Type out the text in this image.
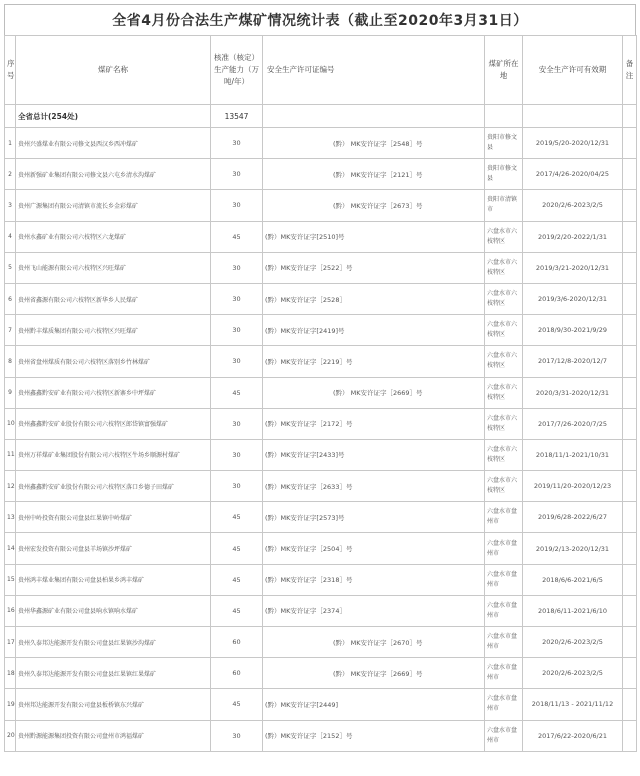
全省4月份合法生产煤矿情况统计表（截止至2020年3月31日）
序号	煤矿名称	核准（核定）生产能力（万吨/年）	安全生产许可证编号	煤矿所在地	安全生产许可有效期	备注
	全省总计(254处)	13547				
1	贵州兴盛煤业有限公司修文县西汉乡西冲煤矿	30	(黔） MK安许证字［2548］号	贵阳市修文县	2019/5/20-2020/12/31	
2	贵州新强矿业集团有限公司修文县六屯乡清水沟煤矿	30	(黔） MK安许证字［2121］号	贵阳市修文县	2017/4/26-2020/04/25	
3	贵州广源集团有限公司清镇市流长乡金彩煤矿	30	(黔） MK安许证字［2673］号	贵阳市清镇市	2020/2/6-2023/2/5	
4	贵州水鑫矿业有限公司六枝特区六龙煤矿	45	(黔）MK安许证字[2510]号	六盘水市六枝特区	2019/2/20-2022/1/31	
5	贵州飞山能源有限公司六枝特区兴旺煤矿	30	(黔）MK安许证字［2522］号	六盘水市六枝特区	2019/3/21-2020/12/31	
6	贵州省鑫源有限公司六枝特区新华乡人民煤矿	30	(黔）MK安许证字［2528］	六盘水市六枝特区	2019/3/6-2020/12/31	
7	贵州黔丰煤质集团有限公司六枝特区兴旺煤矿	30	(黔）MK安许证字[2419]号	六盘水市六枝特区	2018/9/30-2021/9/29	
8	贵州省盘州煤质有限公司六枝特区落别乡竹林煤矿	30	(黔）MK安许证字［2219］号	六盘水市六枝特区	2017/12/8-2020/12/7	
9	贵州鑫鑫黔安矿业有限公司六枝特区新寨乡中坪煤矿	45	(黔） MK安许证字［2669］号	六盘水市六枝特区	2020/3/31-2020/12/31	
10	贵州鑫鑫黔安矿业股份有限公司六枝特区郎岱镇富强煤矿	30	(黔）MK安许证字［2172］号	六盘水市六枝特区	2017/7/26-2020/7/25	
11	贵州万祥煤矿业集团股份有限公司六枝特区牛场乡顺源村煤矿	30	(黔）MK安许证字[2433]号	六盘水市六枝特区	2018/11/1-2021/10/31	
12	贵州鑫鑫黔安矿业股份有限公司六枝特区落口乡德子田煤矿	30	(黔）MK安许证字［2633］号	六盘水市六枝特区	2019/11/20-2020/12/23	
13	贵州中岭投资有限公司盘县红果镇中岭煤矿	45	(黔）MK安许证字[2573]号	六盘水市盘州市	2019/6/28-2022/6/27	
14	贵州宏发投资有限公司盘县羊场镇沙坪煤矿	45	(黔）MK安许证字［2504］号	六盘水市盘州市	2019/2/13-2020/12/31	
15	贵州鸿丰煤业集团有限公司盘县柏果乡鸿丰煤矿	45	(黔）MK安许证字［2318］号	六盘水市盘州市	2018/6/6-2021/6/5	
16	贵州华鑫源矿业有限公司盘县响水镇响水煤矿	45	(黔）MK安许证字［2374］	六盘水市盘州市	2018/6/11-2021/6/10	
17	贵州久泰邦达能源开发有限公司盘县红果镇沙沟煤矿	60	(黔） MK安许证字［2670］号	六盘水市盘州市	2020/2/6-2023/2/5	
18	贵州久泰邦达能源开发有限公司盘县红果镇红果煤矿	60	(黔） MK安许证字［2669］号	六盘水市盘州市	2020/2/6-2023/2/5	
19	贵州邦达能源开发有限公司盘县板桥镇东兴煤矿	45	(黔）MK安许证字[2449]	六盘水市盘州市	2018/11/13 - 2021/11/12	
20	贵州黔源能源集团投资有限公司盘州市鸿福煤矿	30	(黔）MK安许证字［2152］号	六盘水市盘州市	2017/6/22-2020/6/21	
